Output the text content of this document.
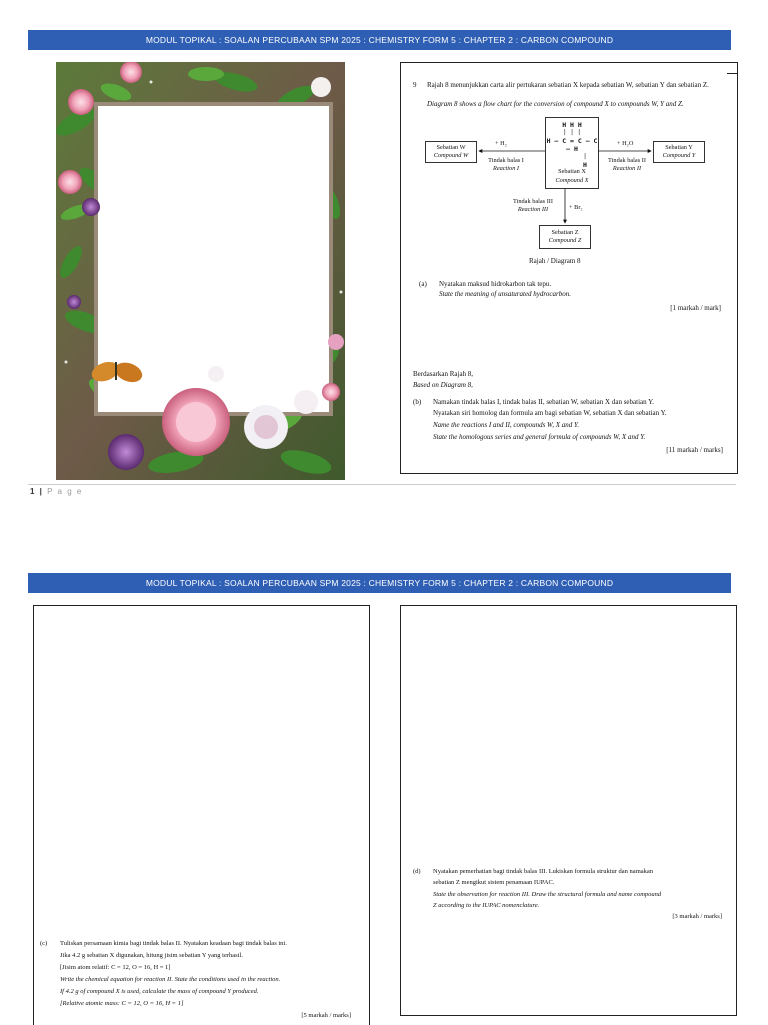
MODUL TOPIKAL : SOALAN PERCUBAAN SPM 2025 : CHEMISTRY FORM 5 : CHAPTER 2 : CARBON COMPOUND
9	Rajah 8 menunjukkan carta alir pertukaran sebatian X kepada sebatian W, sebatian Y dan sebatian Z.
Diagram 8 shows a flow chart for the conversion of compound X to compounds W, Y and Z.
H H H
| | |
H – C = C – C – H
|
H
Sebatian X
Compound X
Sebatian W
Compound W
Sebatian Y
Compound Y
Sebatian Z
Compound Z
+ H₂
Tindak balas I
Reaction I
+ H₂O
Tindak balas II
Reaction II
Tindak balas III
Reaction III	+ Br₂
Rajah / Diagram 8
(a) Nyatakan maksud hidrokarbon tak tepu.
State the meaning of unsaturated hydrocarbon.
[1 markah / mark]
Berdasarkan Rajah 8,
Based on Diagram 8,
(b) Namakan tindak balas I, tindak balas II, sebatian W, sebatian X dan sebatian Y.
Nyatakan siri homolog dan formula am bagi sebatian W, sebatian X dan sebatian Y.
Name the reactions I and II, compounds W, X and Y.
State the homologous series and general formula of compounds W, X and Y.
[11 markah / marks]
1 | P a g e
MODUL TOPIKAL : SOALAN PERCUBAAN SPM 2025 : CHEMISTRY FORM 5 : CHAPTER 2 : CARBON COMPOUND
(c) Tuliskan persamaan kimia bagi tindak balas II. Nyatakan keadaan bagi tindak balas ini.
Jika 4.2 g sebatian X digunakan, hitung jisim sebatian Y yang terhasil.
[Jisim atom relatif: C = 12, O = 16, H = 1]
Write the chemical equation for reaction II. State the conditions used in the reaction.
If 4.2 g of compound X is used, calculate the mass of compound Y produced.
[Relative atomic mass: C = 12, O = 16, H = 1]
[5 markah / marks]
(d) Nyatakan pemerhatian bagi tindak balas III. Lukiskan formula struktur dan namakan
sebatian Z mengikut sistem penamaan IUPAC.
State the observation for reaction III. Draw the structural formula and name compound
Z according to the IUPAC nomenclature.
[3 markah / marks]
